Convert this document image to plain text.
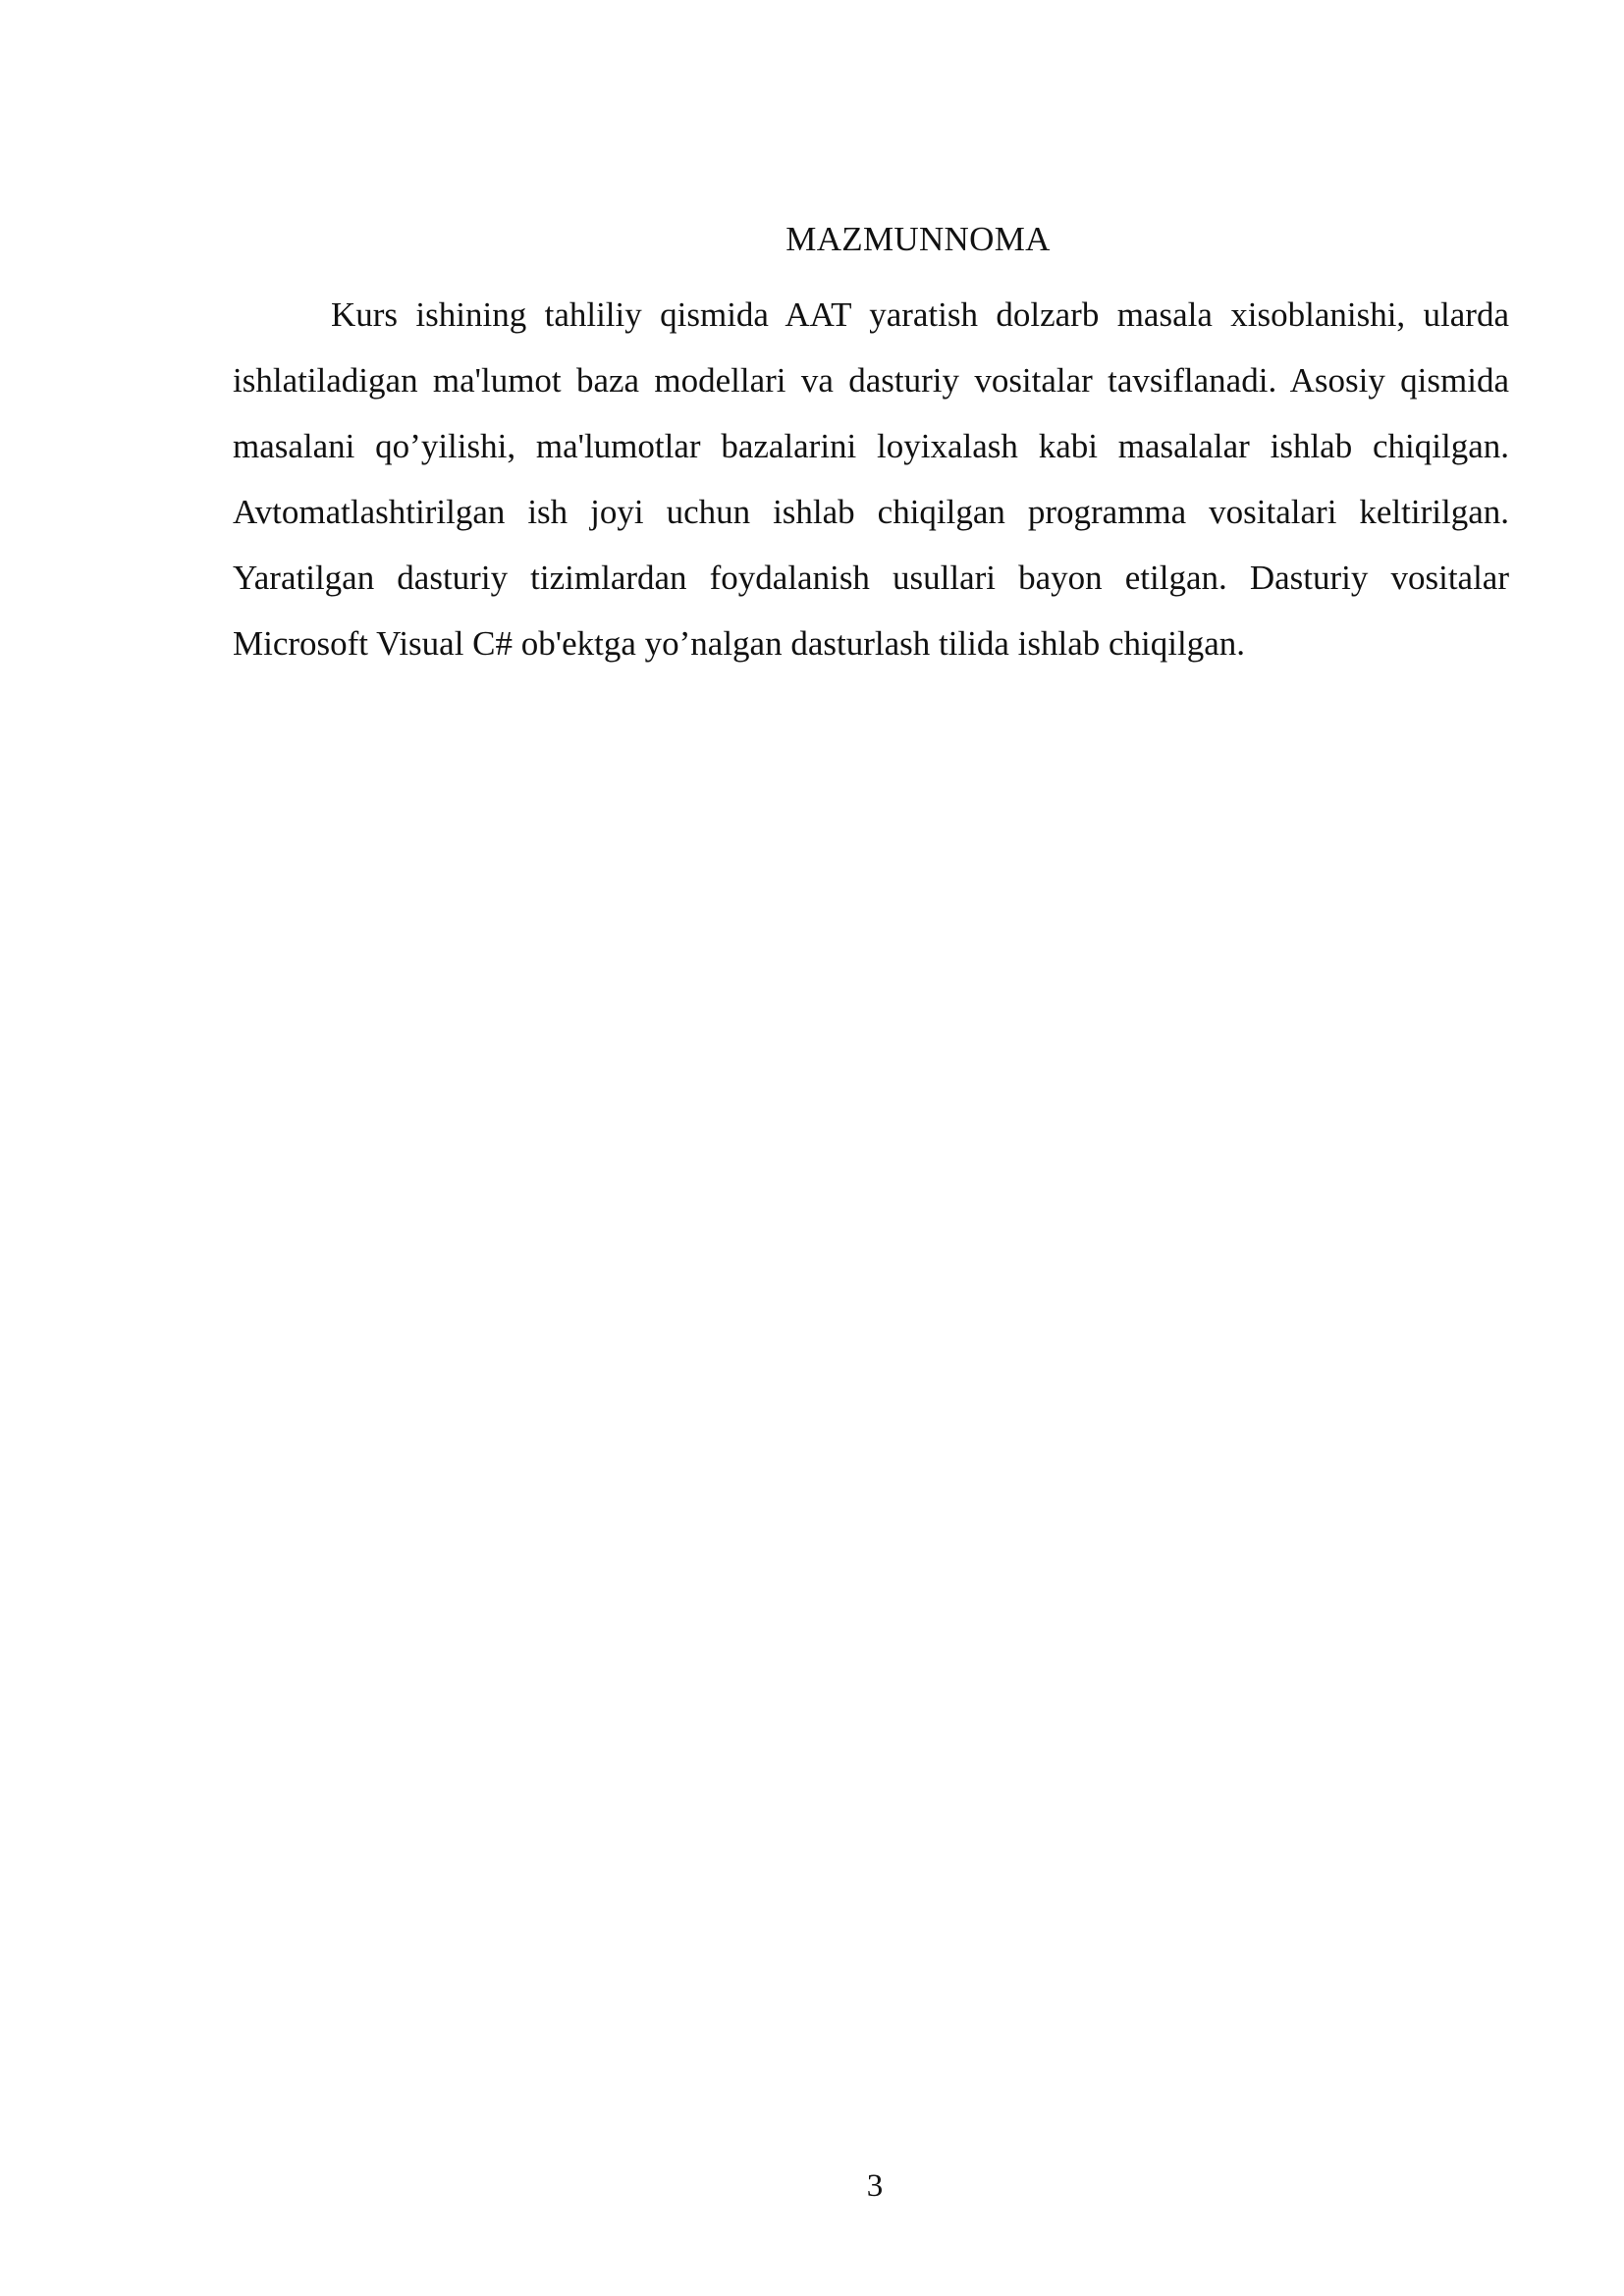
MAZMUNNOMA

Kurs ishining tahliliy qismida AAT yaratish dolzarb masala xisoblanishi, ularda ishlatiladigan ma'lumot baza modellari va dasturiy vositalar tavsiflanadi. Asosiy qismida masalani qo’yilishi, ma'lumotlar bazalarini loyixalash kabi masalalar ishlab chiqilgan. Avtomatlashtirilgan ish joyi uchun ishlab chiqilgan programma vositalari keltirilgan. Yaratilgan dasturiy tizimlardan foydalanish usullari bayon etilgan. Dasturiy vositalar Microsoft Visual C# ob'ektga yo’nalgan dasturlash tilida ishlab chiqilgan.

3
